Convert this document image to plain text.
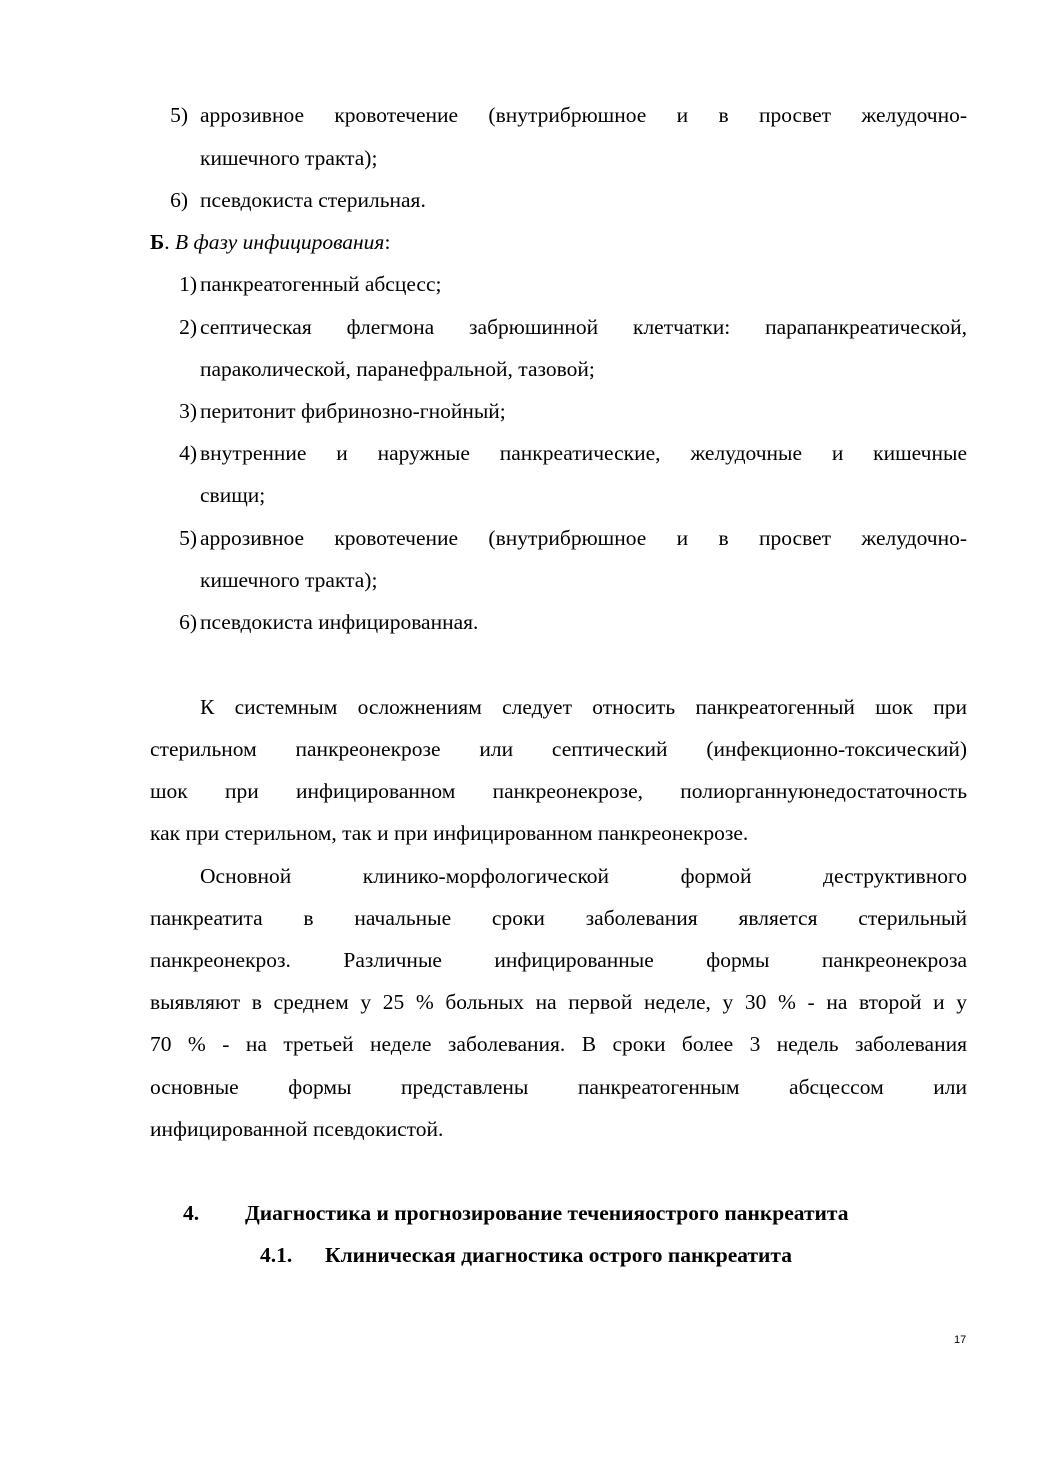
5) аррозивное кровотечение (внутрибрюшное и в просвет желудочно-
кишечного тракта);
6) псевдокиста стерильная.
Б. В фазу инфицирования:
1) панкреатогенный абсцесс;
2) септическая флегмона забрюшинной клетчатки: парапанкреатической,
параколической, паранефральной, тазовой;
3) перитонит фибринозно-гнойный;
4) внутренние и наружные панкреатические, желудочные и кишечные
свищи;
5) аррозивное кровотечение (внутрибрюшное и в просвет желудочно-
кишечного тракта);
6) псевдокиста инфицированная.
К системным осложнениям следует относить панкреатогенный шок при
стерильном панкреонекрозе или септический (инфекционно-токсический)
шок при инфицированном панкреонекрозе, полиорганнуюнедостаточность
как при стерильном, так и при инфицированном панкреонекрозе.
Основной клинико-морфологической формой деструктивного
панкреатита в начальные сроки заболевания является стерильный
панкреонекроз. Различные инфицированные формы панкреонекроза
выявляют в среднем у 25 % больных на первой неделе, у 30 % - на второй и у
70 % - на третьей неделе заболевания. В сроки более 3 недель заболевания
основные формы представлены панкреатогенным абсцессом или
инфицированной псевдокистой.
4. Диагностика и прогнозирование теченияострого панкреатита
4.1. Клиническая диагностика острого панкреатита
17
